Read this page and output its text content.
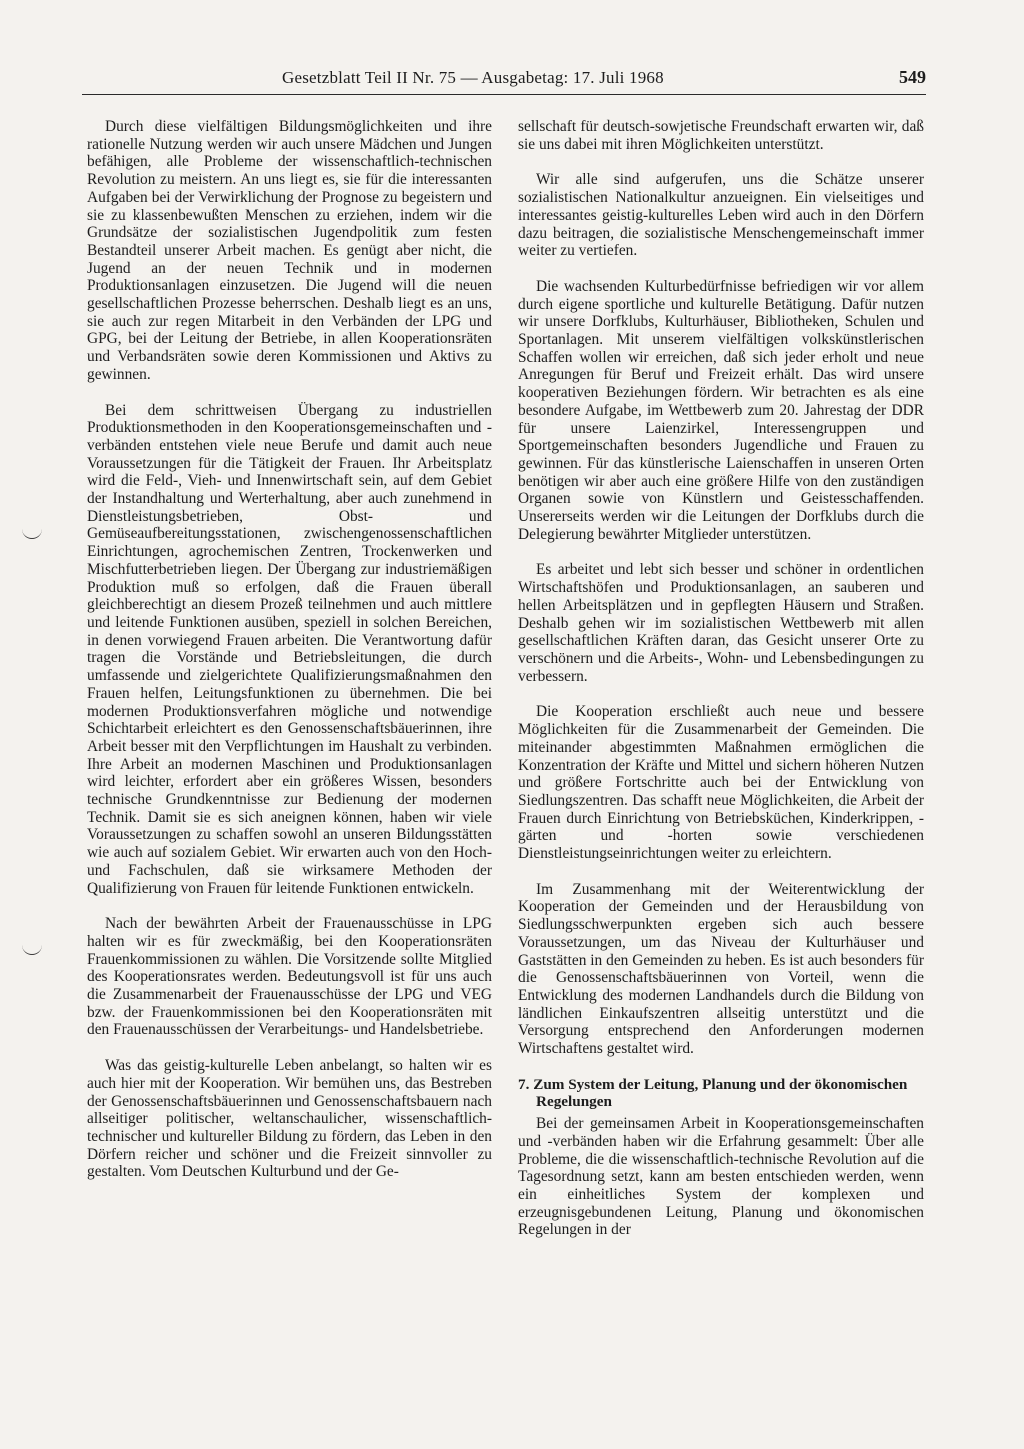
Gesetzblatt Teil II Nr. 75 — Ausgabetag: 17. Juli 1968	549

Durch diese vielfältigen Bildungsmöglichkeiten und ihre rationelle Nutzung werden wir auch unsere Mädchen und Jungen befähigen, alle Probleme der wissenschaftlich-technischen Revolution zu meistern. An uns liegt es, sie für die interessanten Aufgaben bei der Verwirklichung der Prognose zu begeistern und sie zu klassenbewußten Menschen zu erziehen, indem wir die Grundsätze der sozialistischen Jugendpolitik zum festen Bestandteil unserer Arbeit machen. Es genügt aber nicht, die Jugend an der neuen Technik und in modernen Produktionsanlagen einzusetzen. Die Jugend will die neuen gesellschaftlichen Prozesse beherrschen. Deshalb liegt es an uns, sie auch zur regen Mitarbeit in den Verbänden der LPG und GPG, bei der Leitung der Betriebe, in allen Kooperationsräten und Verbandsräten sowie deren Kommissionen und Aktivs zu gewinnen.

Bei dem schrittweisen Übergang zu industriellen Produktionsmethoden in den Kooperationsgemeinschaften und -verbänden entstehen viele neue Berufe und damit auch neue Voraussetzungen für die Tätigkeit der Frauen. Ihr Arbeitsplatz wird die Feld-, Vieh- und Innenwirtschaft sein, auf dem Gebiet der Instandhaltung und Werterhaltung, aber auch zunehmend in Dienstleistungsbetrieben, Obst- und Gemüseaufbereitungsstationen, zwischengenossenschaftlichen Einrichtungen, agrochemischen Zentren, Trockenwerken und Mischfutterbetrieben liegen. Der Übergang zur industriemäßigen Produktion muß so erfolgen, daß die Frauen überall gleichberechtigt an diesem Prozeß teilnehmen und auch mittlere und leitende Funktionen ausüben, speziell in solchen Bereichen, in denen vorwiegend Frauen arbeiten. Die Verantwortung dafür tragen die Vorstände und Betriebsleitungen, die durch umfassende und zielgerichtete Qualifizierungsmaßnahmen den Frauen helfen, Leitungsfunktionen zu übernehmen. Die bei modernen Produktionsverfahren mögliche und notwendige Schichtarbeit erleichtert es den Genossenschaftsbäuerinnen, ihre Arbeit besser mit den Verpflichtungen im Haushalt zu verbinden. Ihre Arbeit an modernen Maschinen und Produktionsanlagen wird leichter, erfordert aber ein größeres Wissen, besonders technische Grundkenntnisse zur Bedienung der modernen Technik. Damit sie es sich aneignen können, haben wir viele Voraussetzungen zu schaffen sowohl an unseren Bildungsstätten wie auch auf sozialem Gebiet. Wir erwarten auch von den Hoch- und Fachschulen, daß sie wirksamere Methoden der Qualifizierung von Frauen für leitende Funktionen entwickeln.

Nach der bewährten Arbeit der Frauenausschüsse in LPG halten wir es für zweckmäßig, bei den Kooperationsräten Frauenkommissionen zu wählen. Die Vorsitzende sollte Mitglied des Kooperationsrates werden. Bedeutungsvoll ist für uns auch die Zusammenarbeit der Frauenausschüsse der LPG und VEG bzw. der Frauenkommissionen bei den Kooperationsräten mit den Frauenausschüssen der Verarbeitungs- und Handelsbetriebe.

Was das geistig-kulturelle Leben anbelangt, so halten wir es auch hier mit der Kooperation. Wir bemühen uns, das Bestreben der Genossenschaftsbäuerinnen und Genossenschaftsbauern nach allseitiger politischer, weltanschaulicher, wissenschaftlich-technischer und kultureller Bildung zu fördern, das Leben in den Dörfern reicher und schöner und die Freizeit sinnvoller zu gestalten. Vom Deutschen Kulturbund und der Ge-

sellschaft für deutsch-sowjetische Freundschaft erwarten wir, daß sie uns dabei mit ihren Möglichkeiten unterstützt.

Wir alle sind aufgerufen, uns die Schätze unserer sozialistischen Nationalkultur anzueignen. Ein vielseitiges und interessantes geistig-kulturelles Leben wird auch in den Dörfern dazu beitragen, die sozialistische Menschengemeinschaft immer weiter zu vertiefen.

Die wachsenden Kulturbedürfnisse befriedigen wir vor allem durch eigene sportliche und kulturelle Betätigung. Dafür nutzen wir unsere Dorfklubs, Kulturhäuser, Bibliotheken, Schulen und Sportanlagen. Mit unserem vielfältigen volkskünstlerischen Schaffen wollen wir erreichen, daß sich jeder erholt und neue Anregungen für Beruf und Freizeit erhält. Das wird unsere kooperativen Beziehungen fördern. Wir betrachten es als eine besondere Aufgabe, im Wettbewerb zum 20. Jahrestag der DDR für unsere Laienzirkel, Interessengruppen und Sportgemeinschaften besonders Jugendliche und Frauen zu gewinnen. Für das künstlerische Laienschaffen in unseren Orten benötigen wir aber auch eine größere Hilfe von den zuständigen Organen sowie von Künstlern und Geistesschaffenden. Unsererseits werden wir die Leitungen der Dorfklubs durch die Delegierung bewährter Mitglieder unterstützen.

Es arbeitet und lebt sich besser und schöner in ordentlichen Wirtschaftshöfen und Produktionsanlagen, an sauberen und hellen Arbeitsplätzen und in gepflegten Häusern und Straßen. Deshalb gehen wir im sozialistischen Wettbewerb mit allen gesellschaftlichen Kräften daran, das Gesicht unserer Orte zu verschönern und die Arbeits-, Wohn- und Lebensbedingungen zu verbessern.

Die Kooperation erschließt auch neue und bessere Möglichkeiten für die Zusammenarbeit der Gemeinden. Die miteinander abgestimmten Maßnahmen ermöglichen die Konzentration der Kräfte und Mittel und sichern höheren Nutzen und größere Fortschritte auch bei der Entwicklung von Siedlungszentren. Das schafft neue Möglichkeiten, die Arbeit der Frauen durch Einrichtung von Betriebsküchen, Kinderkrippen, -gärten und -horten sowie verschiedenen Dienstleistungseinrichtungen weiter zu erleichtern.

Im Zusammenhang mit der Weiterentwicklung der Kooperation der Gemeinden und der Herausbildung von Siedlungsschwerpunkten ergeben sich auch bessere Voraussetzungen, um das Niveau der Kulturhäuser und Gaststätten in den Gemeinden zu heben. Es ist auch besonders für die Genossenschaftsbäuerinnen von Vorteil, wenn die Entwicklung des modernen Landhandels durch die Bildung von ländlichen Einkaufszentren allseitig unterstützt und die Versorgung entsprechend den Anforderungen modernen Wirtschaftens gestaltet wird.

7. Zum System der Leitung, Planung und der ökonomischen Regelungen

Bei der gemeinsamen Arbeit in Kooperationsgemeinschaften und -verbänden haben wir die Erfahrung gesammelt: Über alle Probleme, die die wissenschaftlich-technische Revolution auf die Tagesordnung setzt, kann am besten entschieden werden, wenn ein einheitliches System der komplexen und erzeugnisgebundenen Leitung, Planung und ökonomischen Regelungen in der
